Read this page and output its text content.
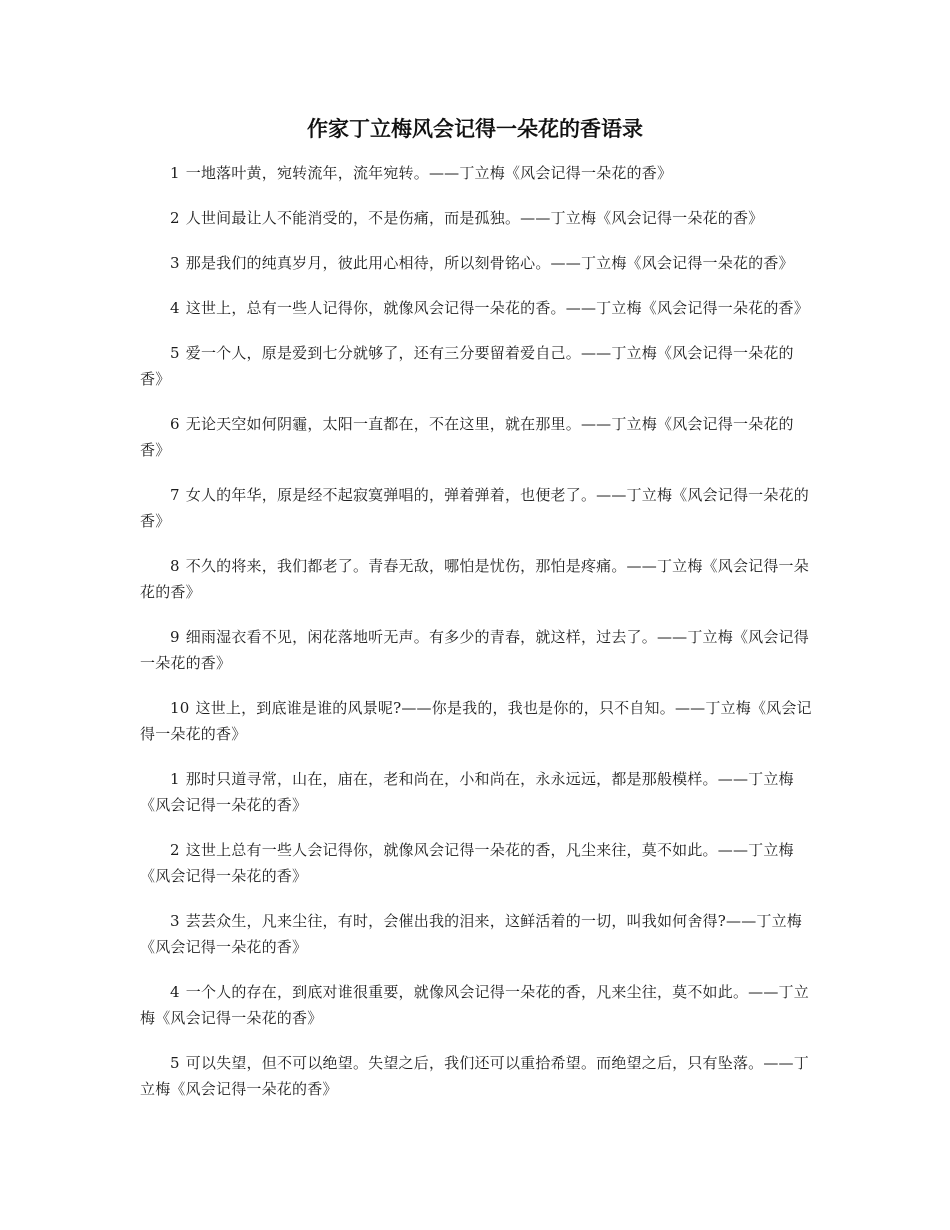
作家丁立梅风会记得一朵花的香语录

1 一地落叶黄，宛转流年，流年宛转。——丁立梅《风会记得一朵花的香》

2 人世间最让人不能消受的，不是伤痛，而是孤独。——丁立梅《风会记得一朵花的香》

3 那是我们的纯真岁月，彼此用心相待，所以刻骨铭心。——丁立梅《风会记得一朵花的香》

4 这世上，总有一些人记得你，就像风会记得一朵花的香。——丁立梅《风会记得一朵花的香》

5 爱一个人，原是爱到七分就够了，还有三分要留着爱自己。——丁立梅《风会记得一朵花的香》

6 无论天空如何阴霾，太阳一直都在，不在这里，就在那里。——丁立梅《风会记得一朵花的香》

7 女人的年华，原是经不起寂寞弹唱的，弹着弹着，也便老了。——丁立梅《风会记得一朵花的香》

8 不久的将来，我们都老了。青春无敌，哪怕是忧伤，那怕是疼痛。——丁立梅《风会记得一朵花的香》

9 细雨湿衣看不见，闲花落地听无声。有多少的青春，就这样，过去了。——丁立梅《风会记得一朵花的香》

10 这世上，到底谁是谁的风景呢?——你是我的，我也是你的，只不自知。——丁立梅《风会记得一朵花的香》

1 那时只道寻常，山在，庙在，老和尚在，小和尚在，永永远远，都是那般模样。——丁立梅《风会记得一朵花的香》

2 这世上总有一些人会记得你，就像风会记得一朵花的香，凡尘来往，莫不如此。——丁立梅《风会记得一朵花的香》

3 芸芸众生，凡来尘往，有时，会催出我的泪来，这鲜活着的一切，叫我如何舍得?——丁立梅《风会记得一朵花的香》

4 一个人的存在，到底对谁很重要，就像风会记得一朵花的香，凡来尘往，莫不如此。——丁立梅《风会记得一朵花的香》

5 可以失望，但不可以绝望。失望之后，我们还可以重拾希望。而绝望之后，只有坠落。——丁立梅《风会记得一朵花的香》
